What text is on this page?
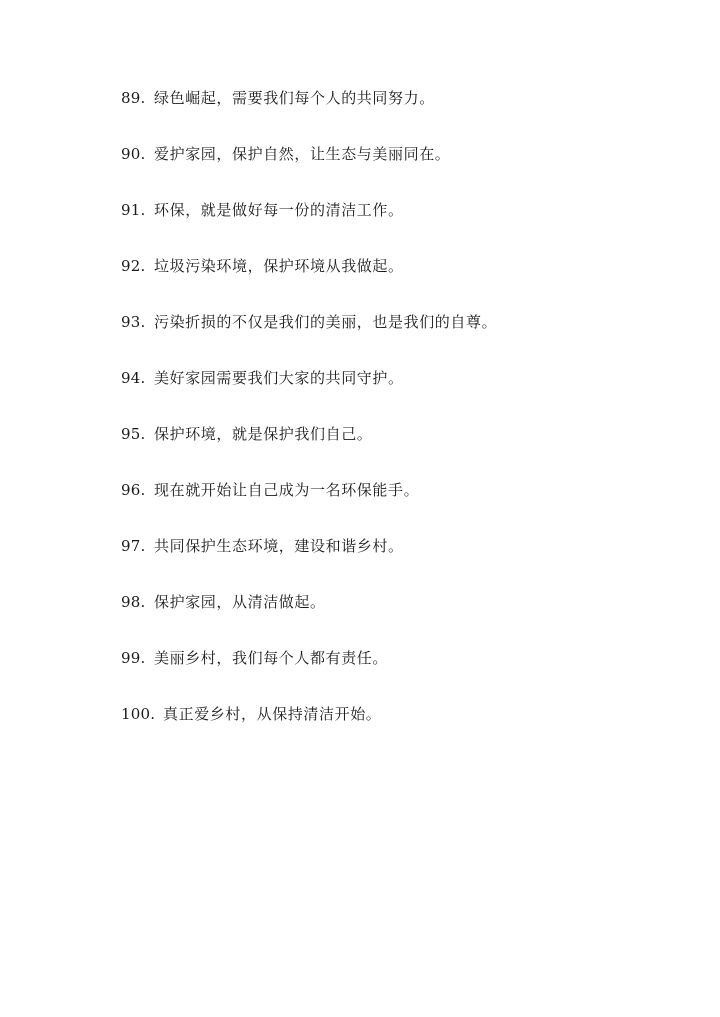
89. 绿色崛起，需要我们每个人的共同努力。
90. 爱护家园，保护自然，让生态与美丽同在。
91. 环保，就是做好每一份的清洁工作。
92. 垃圾污染环境，保护环境从我做起。
93. 污染折损的不仅是我们的美丽，也是我们的自尊。
94. 美好家园需要我们大家的共同守护。
95. 保护环境，就是保护我们自己。
96. 现在就开始让自己成为一名环保能手。
97. 共同保护生态环境，建设和谐乡村。
98. 保护家园，从清洁做起。
99. 美丽乡村，我们每个人都有责任。
100. 真正爱乡村，从保持清洁开始。
